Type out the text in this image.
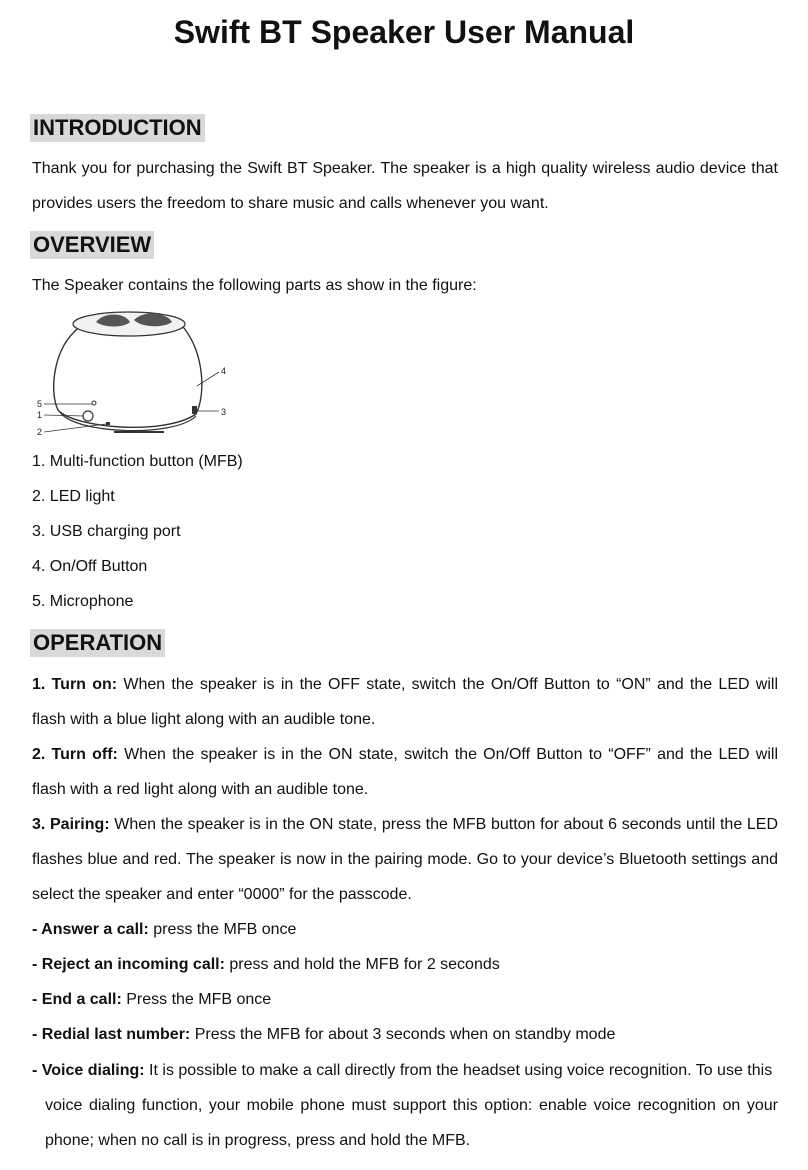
Swift BT Speaker User Manual
INTRODUCTION

Thank you for purchasing the Swift BT Speaker. The speaker is a high quality wireless audio device that provides users the freedom to share music and calls whenever you want.

OVERVIEW

The Speaker contains the following parts as show in the figure:

5
1
2
4
3

1. Multi-function button (MFB)

2. LED light

3. USB charging port

4. On/Off Button

5. Microphone

OPERATION

1. Turn on: When the speaker is in the OFF state, switch the On/Off Button to “ON” and the LED will flash with a blue light along with an audible tone.

2. Turn off: When the speaker is in the ON state, switch the On/Off Button to “OFF” and the LED will flash with a red light along with an audible tone.

3. Pairing: When the speaker is in the ON state, press the MFB button for about 6 seconds until the LED flashes blue and red. The speaker is now in the pairing mode. Go to your device’s Bluetooth settings and select the speaker and enter “0000” for the passcode.

- Answer a call: press the MFB once

- Reject an incoming call: press and hold the MFB for 2 seconds

- End a call: Press the MFB once

- Redial last number: Press the MFB for about 3 seconds when on standby mode

- Voice dialing: It is possible to make a call directly from the headset using voice recognition. To use this
voice dialing function, your mobile phone must support this option: enable voice recognition on your phone; when no call is in progress, press and hold the MFB.
